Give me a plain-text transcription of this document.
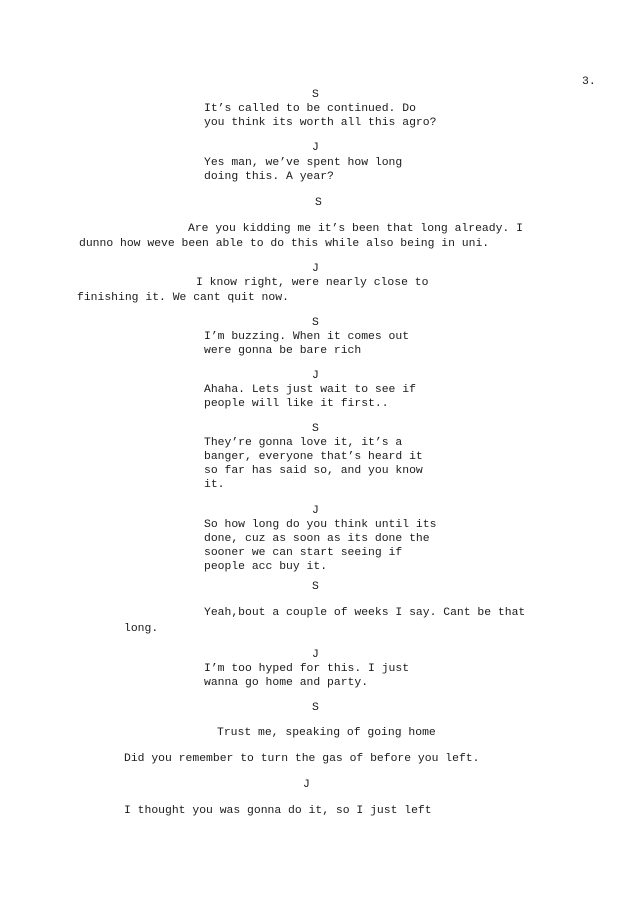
3.
S
It’s called to be continued. Do
you think its worth all this agro?
J
Yes man, we’ve spent how long
doing this. A year?
S
Are you kidding me it’s been that long already. I
dunno how weve been able to do this while also being in uni.
J
I know right, were nearly close to
finishing it. We cant quit now.
S
I’m buzzing. When it comes out
were gonna be bare rich
J
Ahaha. Lets just wait to see if
people will like it first..
S
They’re gonna love it, it’s a
banger, everyone that’s heard it
so far has said so, and you know
it.
J
So how long do you think until its
done, cuz as soon as its done the
sooner we can start seeing if
people acc buy it.
S
Yeah,bout a couple of weeks I say. Cant be that
long.
J
I’m too hyped for this. I just
wanna go home and party.
S
Trust me, speaking of going home
Did you remember to turn the gas of before you left.
J
I thought you was gonna do it, so I just left
